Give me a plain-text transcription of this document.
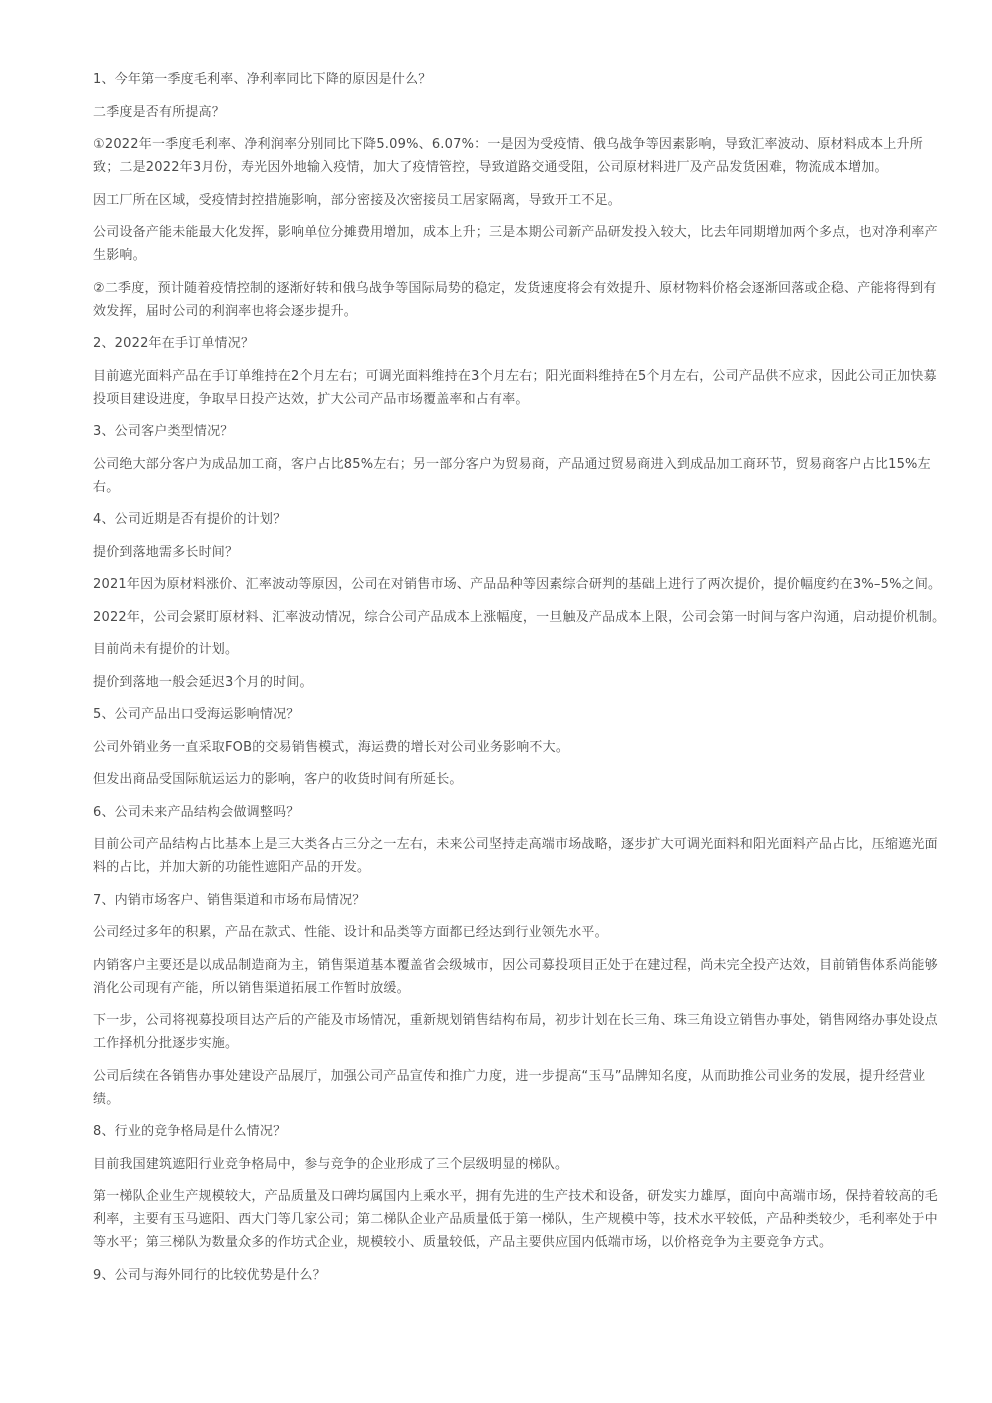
1、今年第一季度毛利率、净利率同比下降的原因是什么？

二季度是否有所提高？

①2022年一季度毛利率、净利润率分别同比下降5.09%、6.07%：一是因为受疫情、俄乌战争等因素影响，导致汇率波动、原材料成本上升所致；二是2022年3月份，寿光因外地输入疫情，加大了疫情管控，导致道路交通受阻，公司原材料进厂及产品发货困难，物流成本增加。

因工厂所在区域，受疫情封控措施影响，部分密接及次密接员工居家隔离，导致开工不足。

公司设备产能未能最大化发挥，影响单位分摊费用增加，成本上升；三是本期公司新产品研发投入较大，比去年同期增加两个多点，也对净利率产生影响。

②二季度，预计随着疫情控制的逐渐好转和俄乌战争等国际局势的稳定，发货速度将会有效提升、原材物料价格会逐渐回落或企稳、产能将得到有效发挥，届时公司的利润率也将会逐步提升。

2、2022年在手订单情况？

目前遮光面料产品在手订单维持在2个月左右；可调光面料维持在3个月左右；阳光面料维持在5个月左右，公司产品供不应求，因此公司正加快募投项目建设进度，争取早日投产达效，扩大公司产品市场覆盖率和占有率。

3、公司客户类型情况？

公司绝大部分客户为成品加工商，客户占比85%左右；另一部分客户为贸易商，产品通过贸易商进入到成品加工商环节，贸易商客户占比15%左右。

4、公司近期是否有提价的计划？

提价到落地需多长时间？

2021年因为原材料涨价、汇率波动等原因，公司在对销售市场、产品品种等因素综合研判的基础上进行了两次提价，提价幅度约在3%–5%之间。

2022年，公司会紧盯原材料、汇率波动情况，综合公司产品成本上涨幅度，一旦触及产品成本上限，公司会第一时间与客户沟通，启动提价机制。

目前尚未有提价的计划。

提价到落地一般会延迟3个月的时间。

5、公司产品出口受海运影响情况？

公司外销业务一直采取FOB的交易销售模式，海运费的增长对公司业务影响不大。

但发出商品受国际航运运力的影响，客户的收货时间有所延长。

6、公司未来产品结构会做调整吗？

目前公司产品结构占比基本上是三大类各占三分之一左右，未来公司坚持走高端市场战略，逐步扩大可调光面料和阳光面料产品占比，压缩遮光面料的占比，并加大新的功能性遮阳产品的开发。

7、内销市场客户、销售渠道和市场布局情况？

公司经过多年的积累，产品在款式、性能、设计和品类等方面都已经达到行业领先水平。

内销客户主要还是以成品制造商为主，销售渠道基本覆盖省会级城市，因公司募投项目正处于在建过程，尚未完全投产达效，目前销售体系尚能够消化公司现有产能，所以销售渠道拓展工作暂时放缓。

下一步，公司将视募投项目达产后的产能及市场情况，重新规划销售结构布局，初步计划在长三角、珠三角设立销售办事处，销售网络办事处设点工作择机分批逐步实施。

公司后续在各销售办事处建设产品展厅，加强公司产品宣传和推广力度，进一步提高“玉马”品牌知名度，从而助推公司业务的发展，提升经营业绩。

8、行业的竞争格局是什么情况？

目前我国建筑遮阳行业竞争格局中，参与竞争的企业形成了三个层级明显的梯队。

第一梯队企业生产规模较大，产品质量及口碑均属国内上乘水平，拥有先进的生产技术和设备，研发实力雄厚，面向中高端市场，保持着较高的毛利率，主要有玉马遮阳、西大门等几家公司；第二梯队企业产品质量低于第一梯队，生产规模中等，技术水平较低，产品种类较少，毛利率处于中等水平；第三梯队为数量众多的作坊式企业，规模较小、质量较低，产品主要供应国内低端市场，以价格竞争为主要竞争方式。

9、公司与海外同行的比较优势是什么？
